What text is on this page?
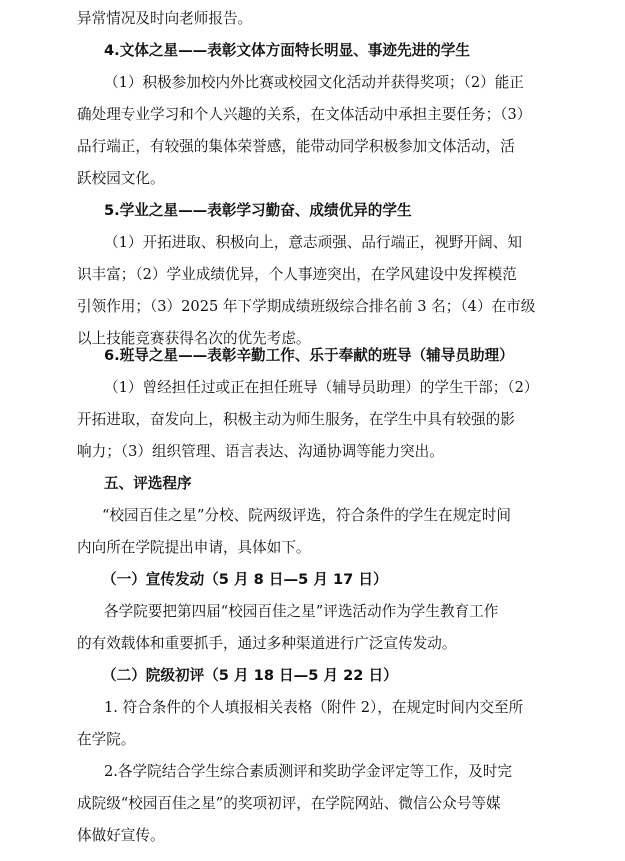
异常情况及时向老师报告。
4.文体之星——表彰文体方面特长明显、事迹先进的学生
（1）积极参加校内外比赛或校园文化活动并获得奖项；（2）能正
确处理专业学习和个人兴趣的关系，在文体活动中承担主要任务；（3）
品行端正，有较强的集体荣誉感，能带动同学积极参加文体活动，活
跃校园文化。
5.学业之星——表彰学习勤奋、成绩优异的学生
（1）开拓进取、积极向上，意志顽强、品行端正，视野开阔、知
识丰富；（2）学业成绩优异，个人事迹突出，在学风建设中发挥模范
引领作用；（3）2025 年下学期成绩班级综合排名前 3 名；（4）在市级
以上技能竞赛获得名次的优先考虑。
6.班导之星——表彰辛勤工作、乐于奉献的班导（辅导员助理）
（1）曾经担任过或正在担任班导（辅导员助理）的学生干部；（2）
开拓进取，奋发向上，积极主动为师生服务，在学生中具有较强的影
响力；（3）组织管理、语言表达、沟通协调等能力突出。
五、评选程序
“校园百佳之星”分校、院两级评选，符合条件的学生在规定时间
内向所在学院提出申请，具体如下。
（一）宣传发动（5 月 8 日—5 月 17 日）
各学院要把第四届“校园百佳之星”评选活动作为学生教育工作
的有效载体和重要抓手，通过多种渠道进行广泛宣传发动。
（二）院级初评（5 月 18 日—5 月 22 日）
1. 符合条件的个人填报相关表格（附件 2），在规定时间内交至所
在学院。
2.各学院结合学生综合素质测评和奖助学金评定等工作，及时完
成院级“校园百佳之星”的奖项初评，在学院网站、微信公众号等媒
体做好宣传。
